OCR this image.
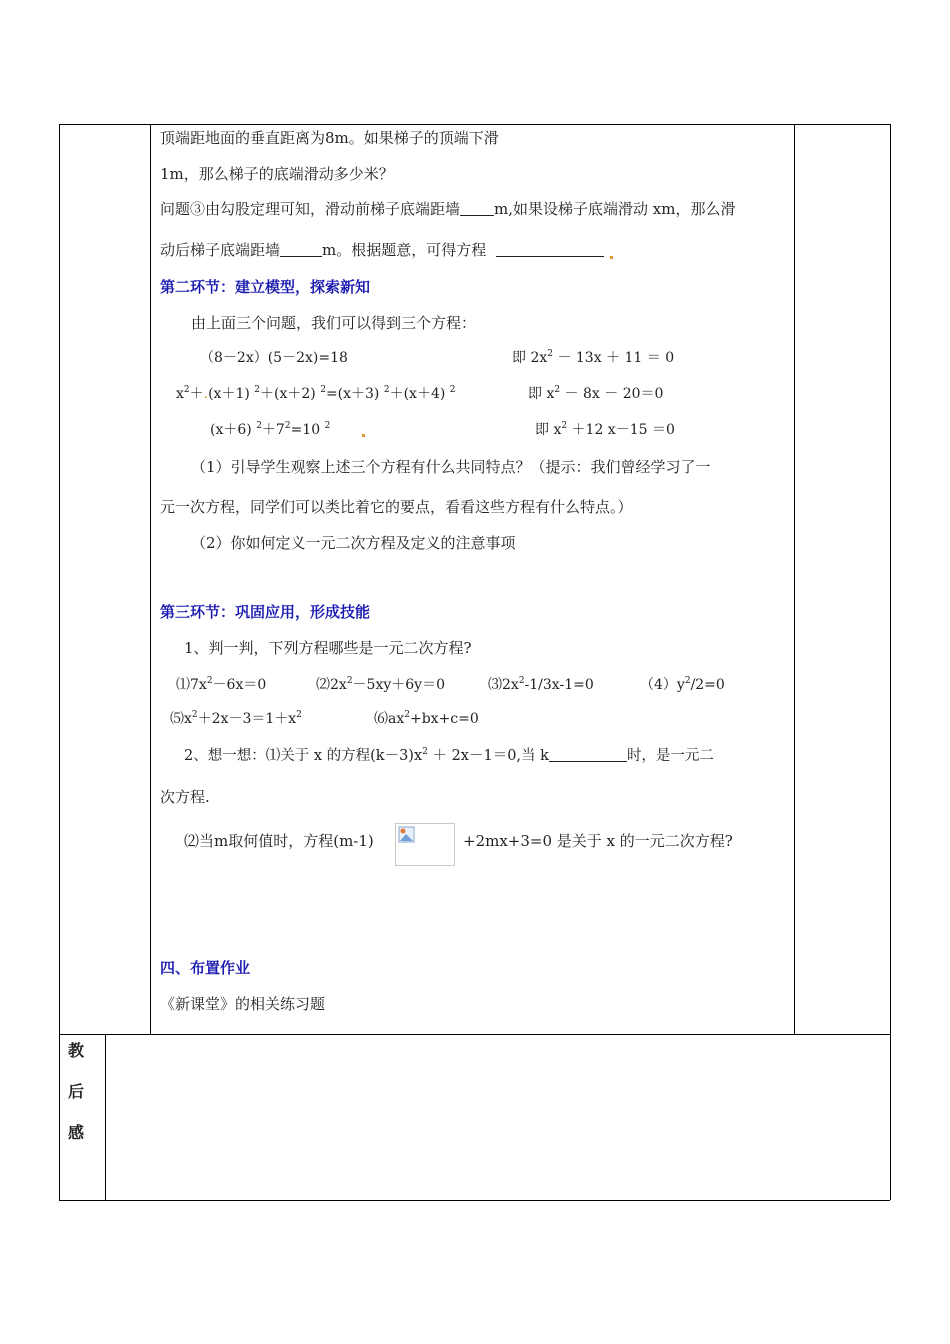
顶端距地面的垂直距离为8m。如果梯子的顶端下滑
1m，那么梯子的底端滑动多少米？
问题③由勾股定理可知，滑动前梯子底端距墙 m,如果设梯子底端滑动 xm，那么滑
动后梯子底端距墙	m。根据题意，可得方程
第二环节：建立模型，探索新知
由上面三个问题，我们可以得到三个方程：
（8－2x）(5－2x)=18	即 $2x^2 - 13x + 11 = 0$
$x^2+.(x+1)$ $^2$＋(x＋2) $^2$=(x＋3) $^2$＋(x＋4) $^2$	即 $x^2 - 8x - 20=0$
(x＋6) $^2+7^2=10$ $^2$	即 $x^2 +12$ x－15 ＝0
（1）引导学生观察上述三个方程有什么共同特点？（提示：我们曾经学习了一
元一次方程，同学们可以类比着它的要点，看看这些方程有什么特点。）
（2）你如何定义一元二次方程及定义的注意事项
第三环节：巩固应用，形成技能
1、判一判，下列方程哪些是一元二次方程?
$⑴7x^2-6x=0$	$⑵2x^2-5xy+6y=0$	$⑶2x^2-1/3x-1=0$	$(4)y^2/2=0$
$⑸x^2+2x-3=1+x^2$	$⑹ax^2+bx+c=0$
2、想一想：⑴关于 x 的方程$(k-3)x^2 + 2x-1=0$,当 k	时，是一元二
次方程.
⑵当m取何值时，方程(m-1)	+2mx+3=0 是关于 x 的一元二次方程?
四、布置作业
《新课堂》的相关练习题
教
后
感
